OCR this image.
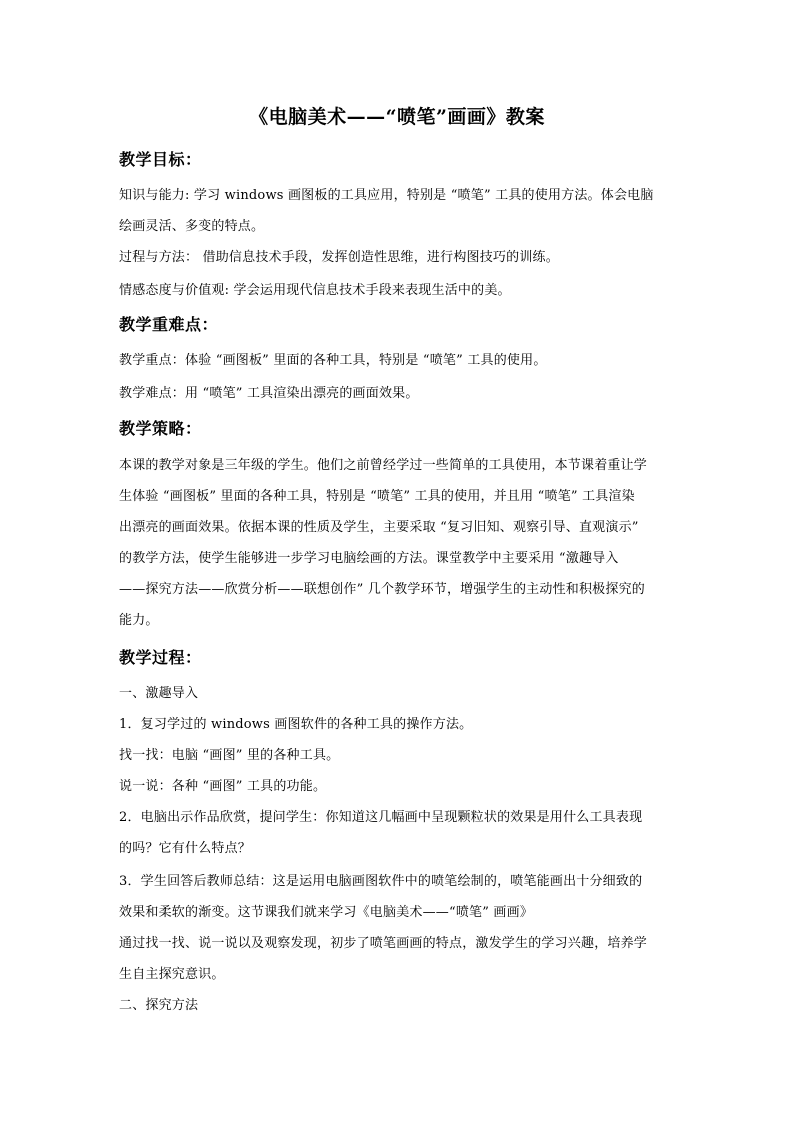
《电脑美术——“喷笔”画画》教案
教学目标：
知识与能力: 学习 windows 画图板的工具应用，特别是 “喷笔” 工具的使用方法。体会电脑
绘画灵活、多变的特点。
过程与方法： 借助信息技术手段，发挥创造性思维，进行构图技巧的训练。
情感态度与价值观: 学会运用现代信息技术手段来表现生活中的美。
教学重难点：
教学重点：体验 “画图板” 里面的各种工具，特别是 “喷笔” 工具的使用。
教学难点：用 “喷笔” 工具渲染出漂亮的画面效果。
教学策略：
本课的教学对象是三年级的学生。他们之前曾经学过一些简单的工具使用，本节课着重让学
生体验 “画图板” 里面的各种工具，特别是 “喷笔” 工具的使用，并且用 “喷笔” 工具渲染
出漂亮的画面效果。依据本课的性质及学生，主要采取 “复习旧知、观察引导、直观演示”
的教学方法，使学生能够进一步学习电脑绘画的方法。课堂教学中主要采用 “激趣导入
——探究方法——欣赏分析——联想创作” 几个教学环节，增强学生的主动性和积极探究的
能力。
教学过程：
一、激趣导入
1．复习学过的 windows 画图软件的各种工具的操作方法。
找一找：电脑 “画图” 里的各种工具。
说一说：各种 “画图” 工具的功能。
2．电脑出示作品欣赏，提问学生：你知道这几幅画中呈现颗粒状的效果是用什么工具表现
的吗？它有什么特点？
3．学生回答后教师总结：这是运用电脑画图软件中的喷笔绘制的，喷笔能画出十分细致的
效果和柔软的渐变。这节课我们就来学习《电脑美术——“喷笔” 画画》
通过找一找、说一说以及观察发现，初步了喷笔画画的特点，激发学生的学习兴趣，培养学
生自主探究意识。
二、探究方法
